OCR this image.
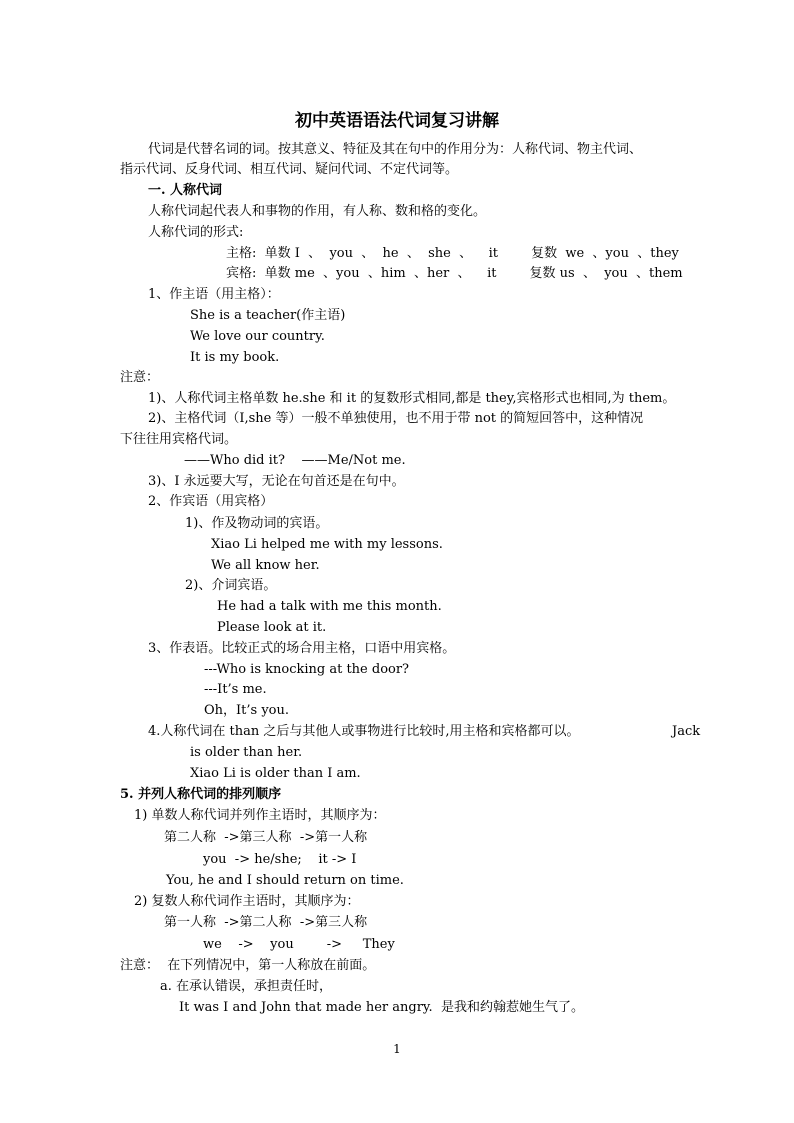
初中英语语法代词复习讲解
代词是代替名词的词。按其意义、特征及其在句中的作用分为：人称代词、物主代词、
指示代词、反身代词、相互代词、疑问代词、不定代词等。
一. 人称代词
人称代词起代表人和事物的作用，有人称、数和格的变化。
人称代词的形式:
主格:  单数 I  、  you  、  he  、  she  、    it        复数  we  、you  、they
宾格:  单数 me  、you  、him  、her  、    it        复数 us  、  you  、them
1、作主语（用主格）：
She is a teacher(作主语)
We love our country.
It is my book.
注意：
1)、人称代词主格单数 he.she 和 it 的复数形式相同,都是 they,宾格形式也相同,为 them。
2)、主格代词（I,she 等）一般不单独使用，也不用于带 not 的简短回答中，这种情况
下往往用宾格代词。
——Who did it?    ——Me/Not me.
3)、I 永远要大写，无论在句首还是在句中。
2、作宾语（用宾格）
1)、作及物动词的宾语。
Xiao Li helped me with my lessons.
We all know her.
2)、介词宾语。
He had a talk with me this month.
Please look at it.
3、作表语。比较正式的场合用主格，口语中用宾格。
---Who is knocking at the door?
---It’s me.
Oh，It’s you.
4.人称代词在 than 之后与其他人或事物进行比较时,用主格和宾格都可以。	Jack
is older than her.
Xiao Li is older than I am.
5. 并列人称代词的排列顺序
1) 单数人称代词并列作主语时，其顺序为：
第二人称  ->第三人称  ->第一人称
you  -> he/she;    it -> I
You, he and I should return on time.
2) 复数人称代词作主语时，其顺序为：
第一人称  ->第二人称  ->第三人称
we    ->    you        ->     They
注意：  在下列情况中，第一人称放在前面。
a. 在承认错误，承担责任时，
It was I and John that made her angry.  是我和约翰惹她生气了。
1
